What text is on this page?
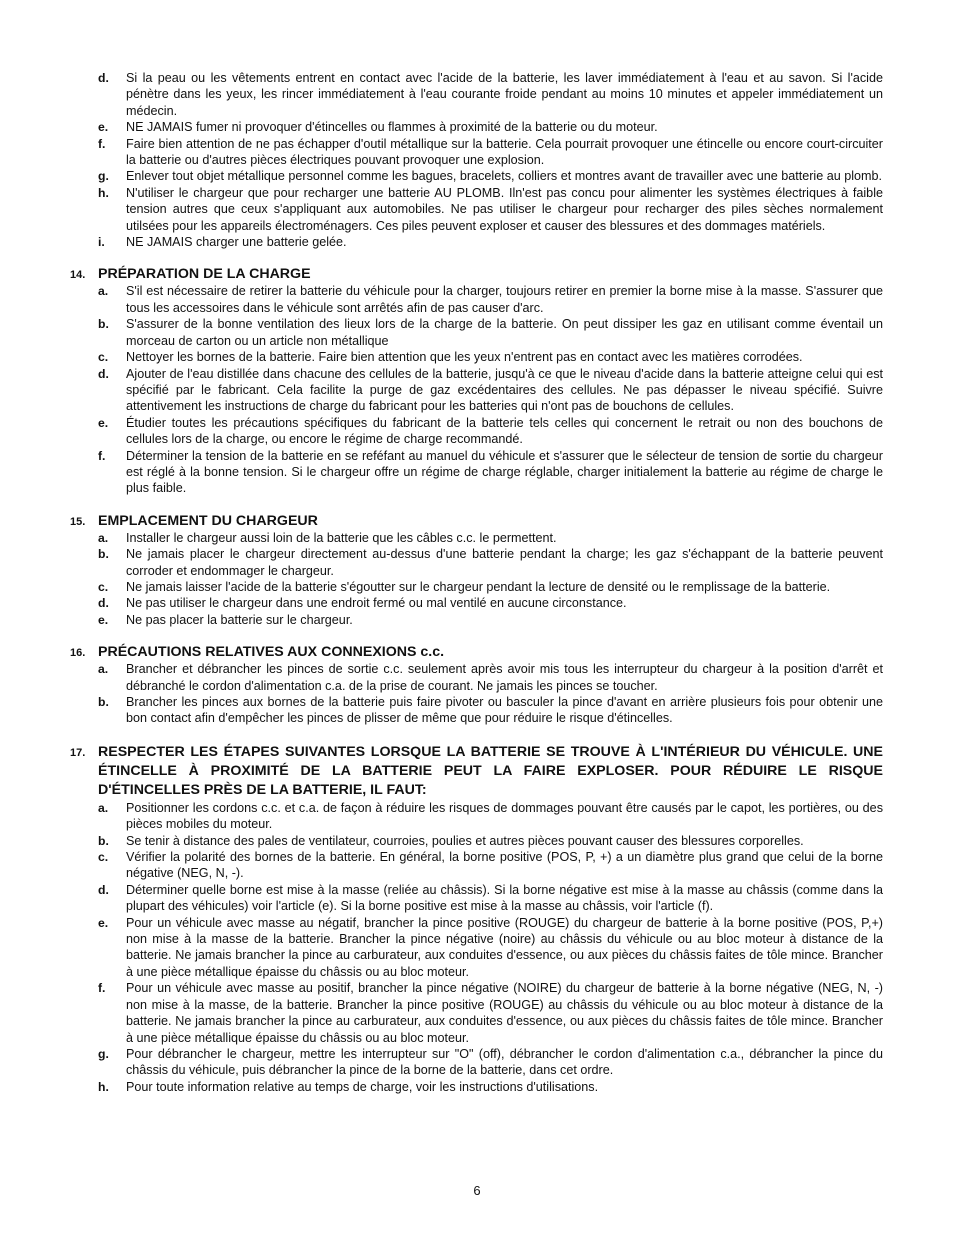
d. Si la peau ou les vêtements entrent en contact avec l'acide de la batterie, les laver immédiatement à l'eau et au savon. Si l'acide pénètre dans les yeux, les rincer immédiatement à l'eau courante froide pendant au moins 10 minutes et appeler immédiatement un médecin.
e. NE JAMAIS fumer ni provoquer d'étincelles ou flammes à proximité de la batterie ou du moteur.
f. Faire bien attention de ne pas échapper d'outil métallique sur la batterie. Cela pourrait provoquer une étincelle ou encore court-circuiter la batterie ou d'autres pièces électriques pouvant provoquer une explosion.
g. Enlever tout objet métallique personnel comme les bagues, bracelets, colliers et montres avant de travailler avec une batterie au plomb.
h. N'utiliser le chargeur que pour recharger une batterie AU PLOMB. Iln'est pas concu pour alimenter les systèmes électriques à faible tension autres que ceux s'appliquant aux automobiles. Ne pas utiliser le chargeur pour recharger des piles sèches normalement utilsées pour les appareils électroménagers. Ces piles peuvent exploser et causer des blessures et des dommages matériels.
i. NE JAMAIS charger une batterie gelée.
14. PRÉPARATION DE LA CHARGE
a. S'il est nécessaire de retirer la batterie du véhicule pour la charger, toujours retirer en premier la borne mise à la masse. S'assurer que tous les accessoires dans le véhicule sont arrêtés afin de pas causer d'arc.
b. S'assurer de la bonne ventilation des lieux lors de la charge de la batterie. On peut dissiper les gaz en utilisant comme éventail un morceau de carton ou un article non métallique
c. Nettoyer les bornes de la batterie. Faire bien attention que les yeux n'entrent pas en contact avec les matières corrodées.
d. Ajouter de l'eau distillée dans chacune des cellules de la batterie, jusqu'à ce que le niveau d'acide dans la batterie atteigne celui qui est spécifié par le fabricant. Cela facilite la purge de gaz excédentaires des cellules. Ne pas dépasser le niveau spécifié. Suivre attentivement les instructions de charge du fabricant pour les batteries qui n'ont pas de bouchons de cellules.
e. Étudier toutes les précautions spécifiques du fabricant de la batterie tels celles qui concernent le retrait ou non des bouchons de cellules lors de la charge, ou encore le régime de charge recommandé.
f. Déterminer la tension de la batterie en se reféfant au manuel du véhicule et s'assurer que le sélecteur de tension de sortie du chargeur est réglé à la bonne tension. Si le chargeur offre un régime de charge réglable, charger initialement la batterie au régime de charge le plus faible.
15. EMPLACEMENT DU CHARGEUR
a. Installer le chargeur aussi loin de la batterie que les câbles c.c. le permettent.
b. Ne jamais placer le chargeur directement au-dessus d'une batterie pendant la charge; les gaz s'échappant de la batterie peuvent corroder et endommager le chargeur.
c. Ne jamais laisser l'acide de la batterie s'égoutter sur le chargeur pendant la lecture de densité ou le remplissage de la batterie.
d. Ne pas utiliser le chargeur dans une endroit fermé ou mal ventilé en aucune circonstance.
e. Ne pas placer la batterie sur le chargeur.
16. PRÉCAUTIONS RELATIVES AUX CONNEXIONS c.c.
a. Brancher et débrancher les pinces de sortie c.c. seulement après avoir mis tous les interrupteur du chargeur à la position d'arrêt et débranché le cordon d'alimentation c.a. de la prise de courant. Ne jamais les pinces se toucher.
b. Brancher les pinces aux bornes de la batterie puis faire pivoter ou basculer la pince d'avant en arrière plusieurs fois pour obtenir une bon contact afin d'empêcher les pinces de plisser de même que pour réduire le risque d'étincelles.
17. RESPECTER LES ÉTAPES SUIVANTES LORSQUE LA BATTERIE SE TROUVE À L'INTÉRIEUR DU VÉHICULE. UNE ÉTINCELLE À PROXIMITÉ DE LA BATTERIE PEUT LA FAIRE EXPLOSER. POUR RÉDUIRE LE RISQUE D'ÉTINCELLES PRÈS DE LA BATTERIE, IL FAUT:
a. Positionner les cordons c.c. et c.a. de façon à réduire les risques de dommages pouvant être causés par le capot, les portières, ou des pièces mobiles du moteur.
b. Se tenir à distance des pales de ventilateur, courroies, poulies et autres pièces pouvant causer des blessures corporelles.
c. Vérifier la polarité des bornes de la batterie. En général, la borne positive (POS, P, +) a un diamètre plus grand que celui de la borne négative (NEG, N, -).
d. Déterminer quelle borne est mise à la masse (reliée au châssis). Si la borne négative est mise à la masse au châssis (comme dans la plupart des véhicules) voir l'article (e). Si la borne positive est mise à la masse au châssis, voir l'article (f).
e. Pour un véhicule avec masse au négatif, brancher la pince positive (ROUGE) du chargeur de batterie à la borne positive (POS, P,+) non mise à la masse de la batterie. Brancher la pince négative (noire) au châssis du véhicule ou au bloc moteur à distance de la batterie. Ne jamais brancher la pince au carburateur, aux conduites d'essence, ou aux pièces du châssis faites de tôle mince. Brancher à une pièce métallique épaisse du châssis ou au bloc moteur.
f. Pour un véhicule avec masse au positif, brancher la pince négative (NOIRE) du chargeur de batterie à la borne négative (NEG, N, -) non mise à la masse, de la batterie. Brancher la pince positive (ROUGE) au châssis du véhicule ou au bloc moteur à distance de la batterie. Ne jamais brancher la pince au carburateur, aux conduites d'essence, ou aux pièces du châssis faites de tôle mince. Brancher à une pièce métallique épaisse du châssis ou au bloc moteur.
g. Pour débrancher le chargeur, mettre les interrupteur sur "O" (off), débrancher le cordon d'alimentation c.a., débrancher la pince du châssis du véhicule, puis débrancher la pince de la borne de la batterie, dans cet ordre.
h. Pour toute information relative au temps de charge, voir les instructions d'utilisations.
6
